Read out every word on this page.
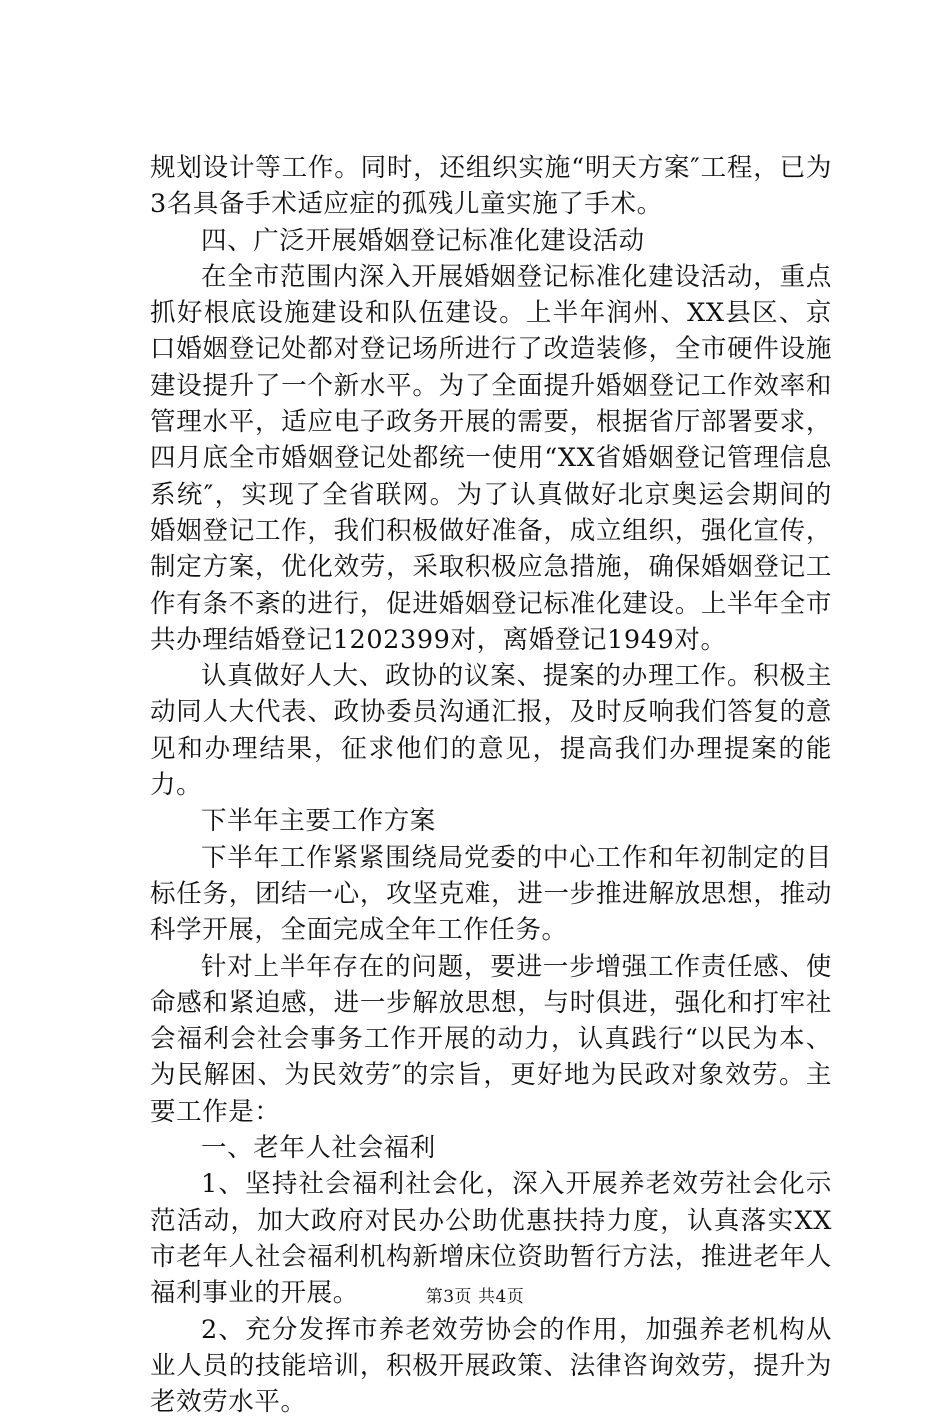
规划设计等工作。同时，还组织实施“明天方案″工程，已为3名具备手术适应症的孤残儿童实施了手术。

四、广泛开展婚姻登记标准化建设活动

在全市范围内深入开展婚姻登记标准化建设活动，重点抓好根底设施建设和队伍建设。上半年润州、XX县区、京口婚姻登记处都对登记场所进行了改造装修，全市硬件设施建设提升了一个新水平。为了全面提升婚姻登记工作效率和管理水平，适应电子政务开展的需要，根据省厅部署要求，四月底全市婚姻登记处都统一使用“XX省婚姻登记管理信息系统″，实现了全省联网。为了认真做好北京奥运会期间的婚姻登记工作，我们积极做好准备，成立组织，强化宣传，制定方案，优化效劳，采取积极应急措施，确保婚姻登记工作有条不紊的进行，促进婚姻登记标准化建设。上半年全市共办理结婚登记1202399对，离婚登记1949对。

认真做好人大、政协的议案、提案的办理工作。积极主动同人大代表、政协委员沟通汇报，及时反响我们答复的意见和办理结果，征求他们的意见，提高我们办理提案的能力。

下半年主要工作方案

下半年工作紧紧围绕局党委的中心工作和年初制定的目标任务，团结一心，攻坚克难，进一步推进解放思想，推动科学开展，全面完成全年工作任务。

针对上半年存在的问题，要进一步增强工作责任感、使命感和紧迫感，进一步解放思想，与时俱进，强化和打牢社会福利会社会事务工作开展的动力，认真践行“以民为本、为民解困、为民效劳″的宗旨，更好地为民政对象效劳。主要工作是：

一、老年人社会福利

1、坚持社会福利社会化，深入开展养老效劳社会化示范活动，加大政府对民办公助优惠扶持力度，认真落实XX市老年人社会福利机构新增床位资助暂行方法，推进老年人福利事业的开展。

2、充分发挥市养老效劳协会的作用，加强养老机构从业人员的技能培训，积极开展政策、法律咨询效劳，提升为老效劳水平。

第3页 共4页
